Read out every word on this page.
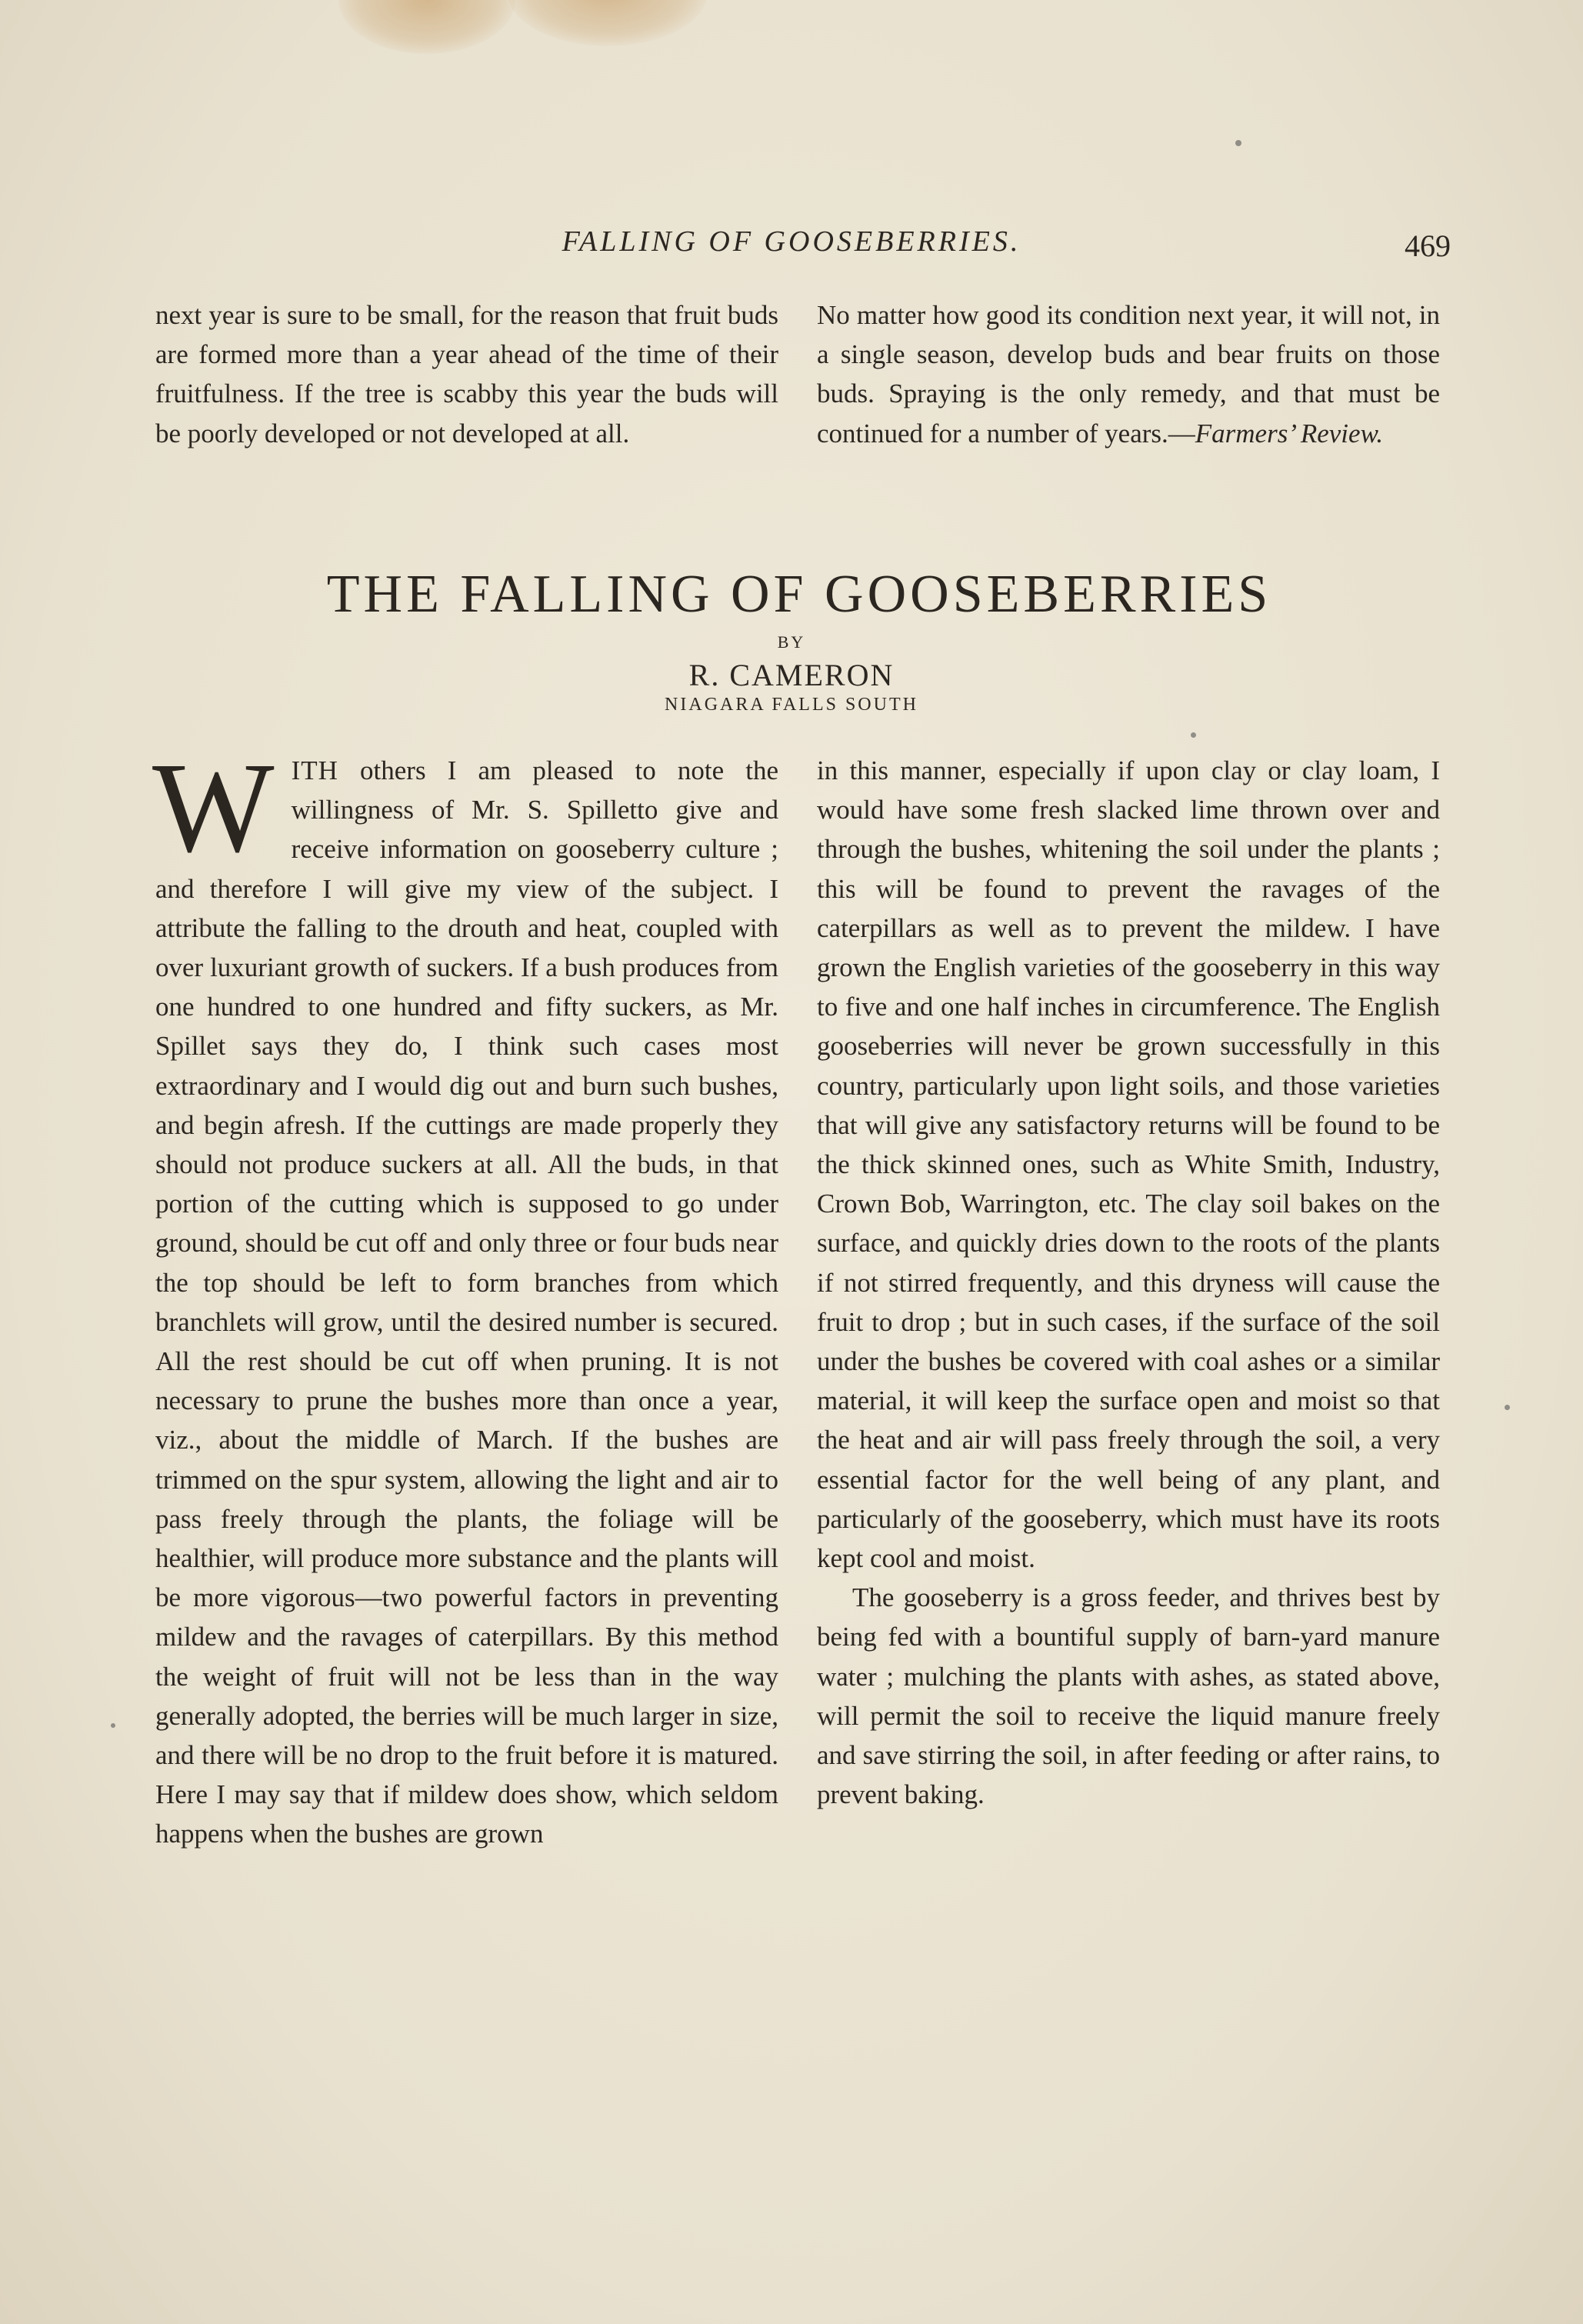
FALLING OF GOOSEBERRIES.	469

next year is sure to be small, for the reason that fruit buds are formed more than a year ahead of the time of their fruitfulness. If the tree is scabby this year the buds will be poorly developed or not developed at all.

No matter how good its condition next year, it will not, in a single season, develop buds and bear fruits on those buds. Spraying is the only remedy, and that must be continued for a number of years.—Farmers’ Review.

THE FALLING OF GOOSEBERRIES
BY
R. CAMERON
NIAGARA FALLS SOUTH

WITH others I am pleased to note the willingness of Mr. S. Spilletto give and receive information on gooseberry culture ; and therefore I will give my view of the subject. I attribute the falling to the drouth and heat, coupled with over luxuriant growth of suckers. If a bush produces from one hundred to one hundred and fifty suckers, as Mr. Spillet says they do, I think such cases most extraordinary and I would dig out and burn such bushes, and begin afresh. If the cuttings are made properly they should not produce suckers at all. All the buds, in that portion of the cutting which is supposed to go under ground, should be cut off and only three or four buds near the top should be left to form branches from which branchlets will grow, until the desired number is secured. All the rest should be cut off when pruning. It is not necessary to prune the bushes more than once a year, viz., about the middle of March. If the bushes are trimmed on the spur system, allowing the light and air to pass freely through the plants, the foliage will be healthier, will produce more substance and the plants will be more vigorous—two powerful factors in preventing mildew and the ravages of caterpillars. By this method the weight of fruit will not be less than in the way generally adopted, the berries will be much larger in size, and there will be no drop to the fruit before it is matured. Here I may say that if mildew does show, which seldom happens when the bushes are grown

in this manner, especially if upon clay or clay loam, I would have some fresh slacked lime thrown over and through the bushes, whitening the soil under the plants ; this will be found to prevent the ravages of the caterpillars as well as to prevent the mildew. I have grown the English varieties of the gooseberry in this way to five and one half inches in circumference. The English gooseberries will never be grown successfully in this country, particularly upon light soils, and those varieties that will give any satisfactory returns will be found to be the thick skinned ones, such as White Smith, Industry, Crown Bob, Warrington, etc. The clay soil bakes on the surface, and quickly dries down to the roots of the plants if not stirred frequently, and this dryness will cause the fruit to drop ; but in such cases, if the surface of the soil under the bushes be covered with coal ashes or a similar material, it will keep the surface open and moist so that the heat and air will pass freely through the soil, a very essential factor for the well being of any plant, and particularly of the gooseberry, which must have its roots kept cool and moist.

The gooseberry is a gross feeder, and thrives best by being fed with a bountiful supply of barn-yard manure water ; mulching the plants with ashes, as stated above, will permit the soil to receive the liquid manure freely and save stirring the soil, in after feeding or after rains, to prevent baking.
